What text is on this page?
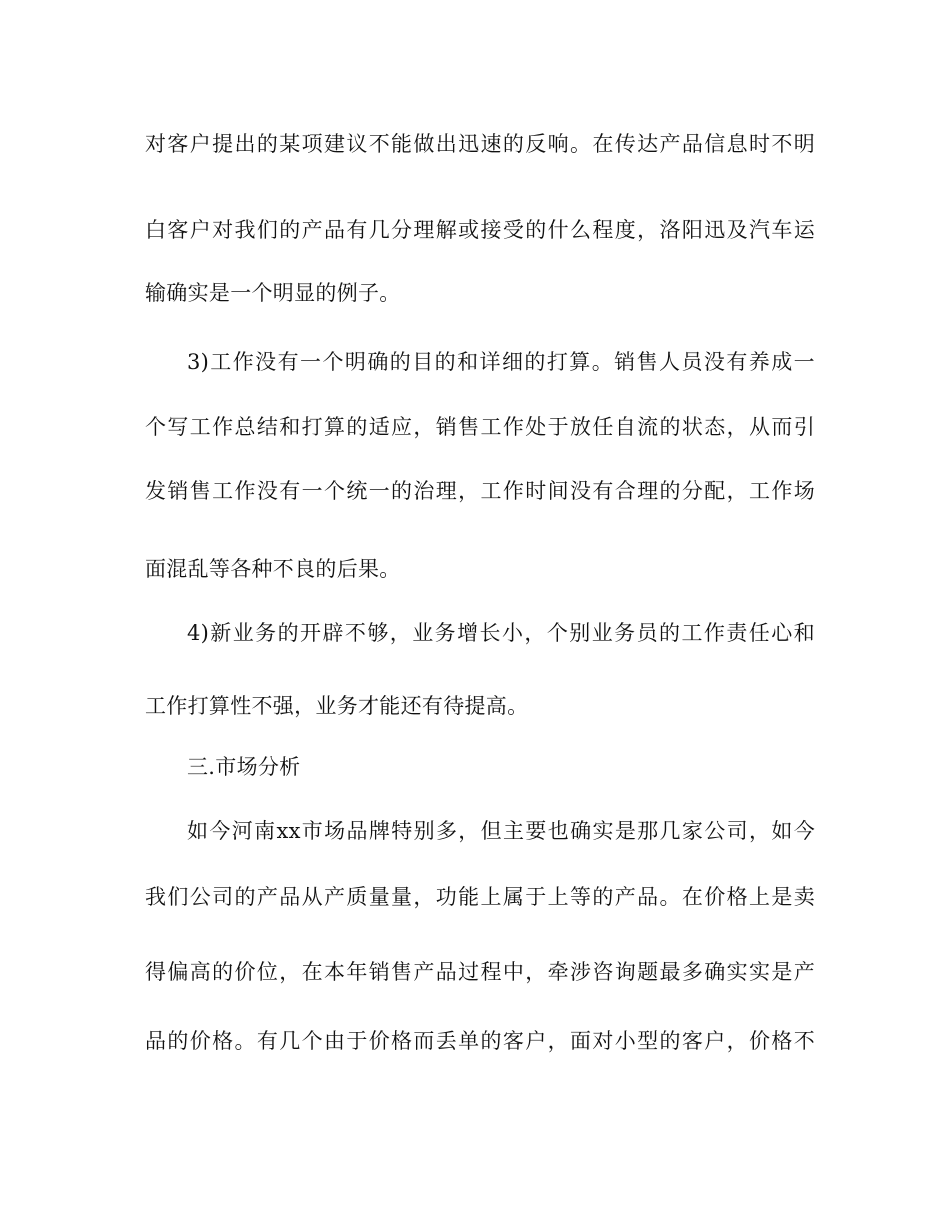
对客户提出的某项建议不能做出迅速的反响。在传达产品信息时不明
白客户对我们的产品有几分理解或接受的什么程度，洛阳迅及汽车运
输确实是一个明显的例子。
3)工作没有一个明确的目的和详细的打算。销售人员没有养成一
个写工作总结和打算的适应，销售工作处于放任自流的状态，从而引
发销售工作没有一个统一的治理，工作时间没有合理的分配，工作场
面混乱等各种不良的后果。
4)新业务的开辟不够，业务增长小，个别业务员的工作责任心和
工作打算性不强，业务才能还有待提高。
三.市场分析
如今河南xx市场品牌特别多，但主要也确实是那几家公司，如今
我们公司的产品从产质量量，功能上属于上等的产品。在价格上是卖
得偏高的价位，在本年销售产品过程中，牵涉咨询题最多确实实是产
品的价格。有几个由于价格而丢单的客户，面对小型的客户，价格不
